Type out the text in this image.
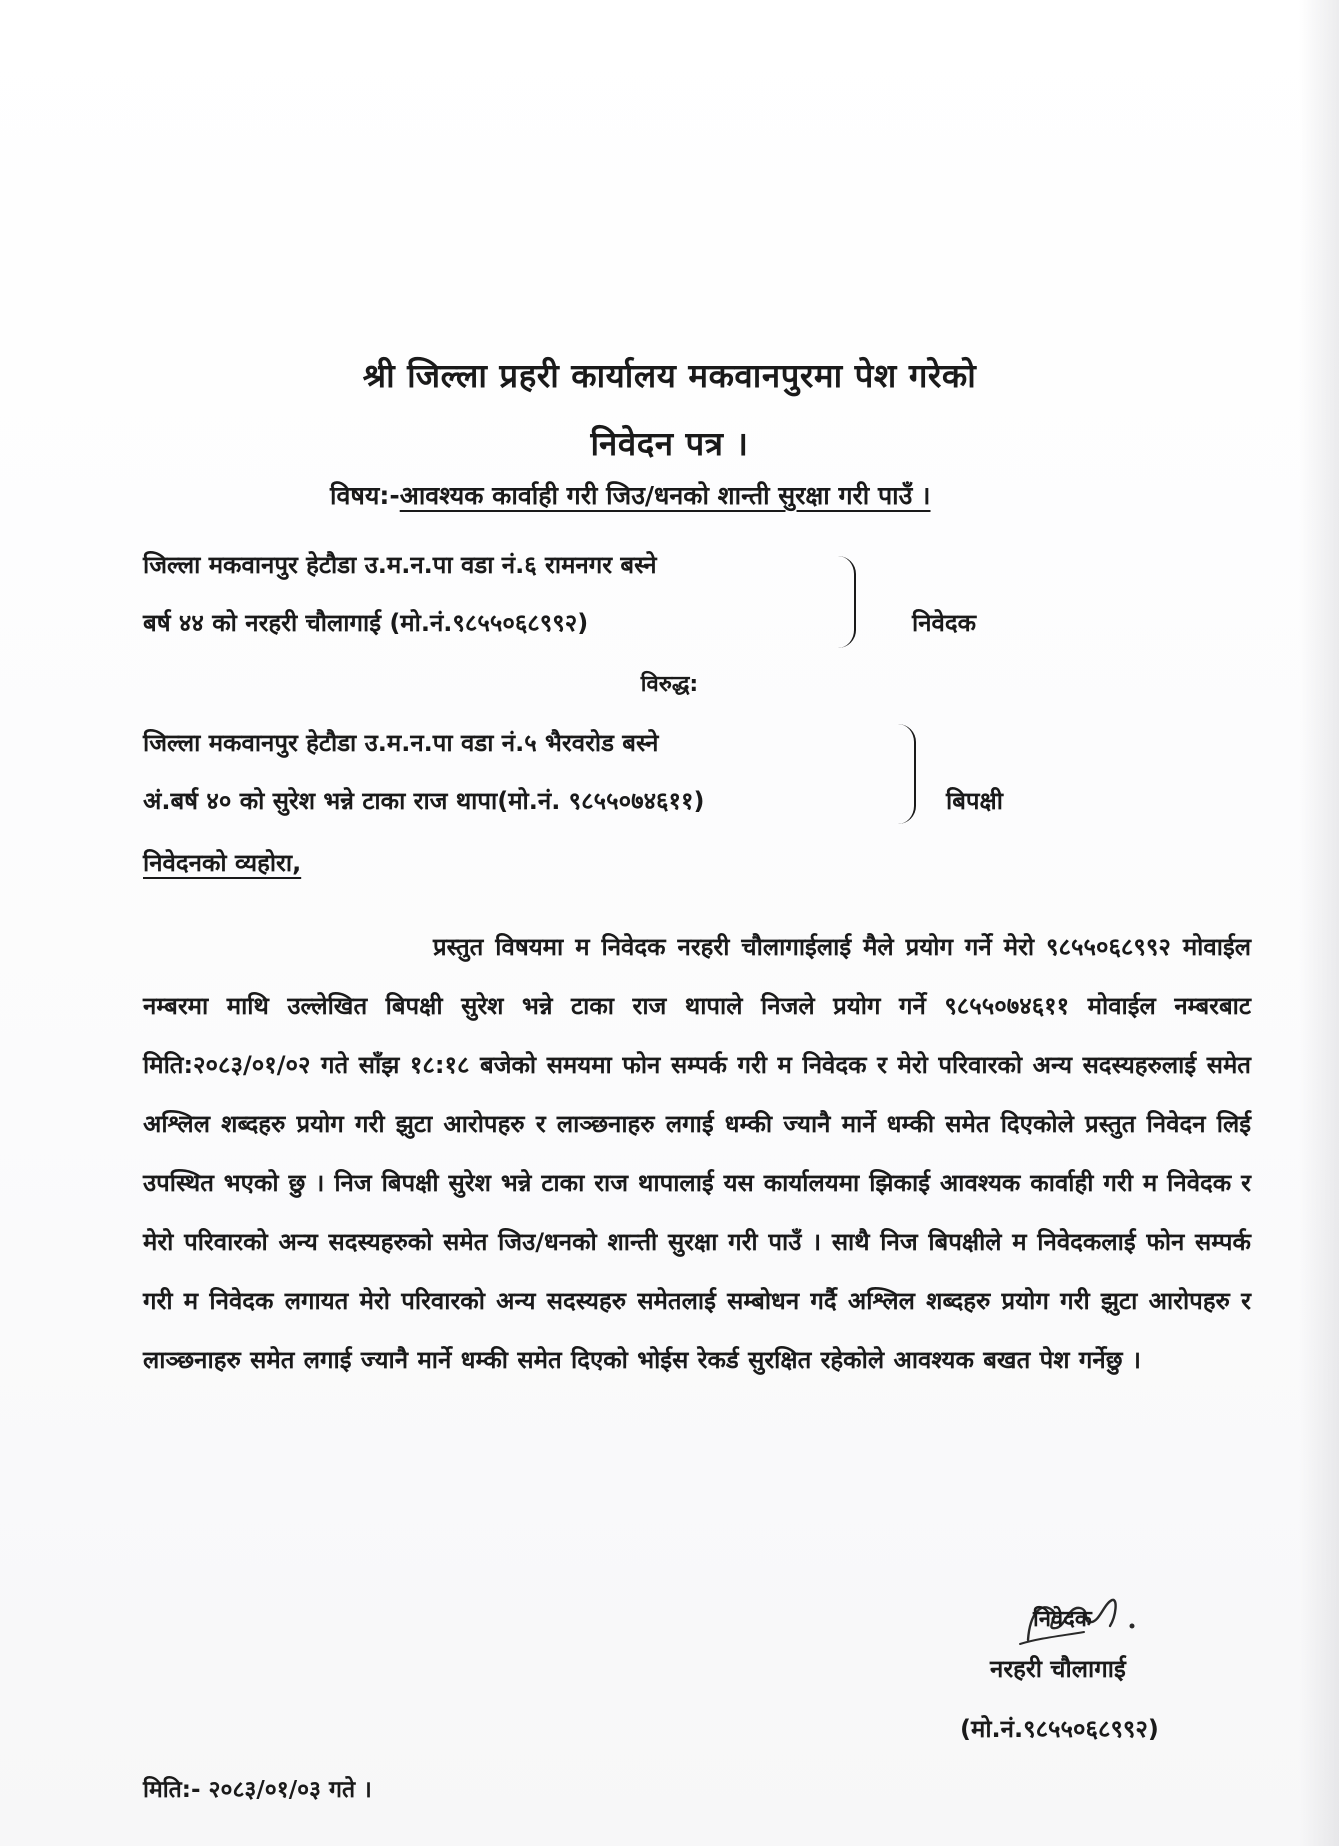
श्री जिल्ला प्रहरी कार्यालय मकवानपुरमा पेश गरेको
निवेदन पत्र ।
विषय:-आवश्यक कार्वाही गरी जिउ/धनको शान्ती सुरक्षा गरी पाउँ ।
जिल्ला मकवानपुर हेटौडा उ.म.न.पा वडा नं.६ रामनगर बस्ने
बर्ष ४४ को नरहरी चौलागाई (मो.नं.९८५५०६८९९२)	निवेदक
विरुद्ध:
जिल्ला मकवानपुर हेटौडा उ.म.न.पा वडा नं.५ भैरवरोड बस्ने
अं.बर्ष ४० को सुरेश भन्ने टाका राज थापा(मो.नं. ९८५५०७४६११)	बिपक्षी
निवेदनको व्यहोरा,
प्रस्तुत विषयमा म निवेदक नरहरी चौलागाईलाई मैले प्रयोग गर्ने मेरो ९८५५०६८९९२ मोवाईल नम्बरमा माथि उल्लेखित बिपक्षी सुरेश भन्ने टाका राज थापाले निजले प्रयोग गर्ने ९८५५०७४६११ मोवाईल नम्बरबाट मिति:२०८३/०१/०२ गते साँझ १८:१८ बजेको समयमा फोन सम्पर्क गरी म निवेदक र मेरो परिवारको अन्य सदस्यहरुलाई समेत अश्लिल शब्दहरु प्रयोग गरी झुटा आरोपहरु र लाञ्छनाहरु लगाई धम्की ज्यानै मार्ने धम्की समेत दिएकोले प्रस्तुत निवेदन लिई उपस्थित भएको छु । निज बिपक्षी सुरेश भन्ने टाका राज थापालाई यस कार्यालयमा झिकाई आवश्यक कार्वाही गरी म निवेदक र मेरो परिवारको अन्य सदस्यहरुको समेत जिउ/धनको शान्ती सुरक्षा गरी पाउँ । साथै निज बिपक्षीले म निवेदकलाई फोन सम्पर्क गरी म निवेदक लगायत मेरो परिवारको अन्य सदस्यहरु समेतलाई सम्बोधन गर्दै अश्लिल शब्दहरु प्रयोग गरी झुटा आरोपहरु र लाञ्छनाहरु समेत लगाई ज्यानै मार्ने धम्की समेत दिएको भोईस रेकर्ड सुरक्षित रहेकोले आवश्यक बखत पेश गर्नेछु ।
निवेदक
नरहरी चौलागाई
(मो.नं.९८५५०६८९९२)
मिति:- २०८३/०१/०३ गते ।
